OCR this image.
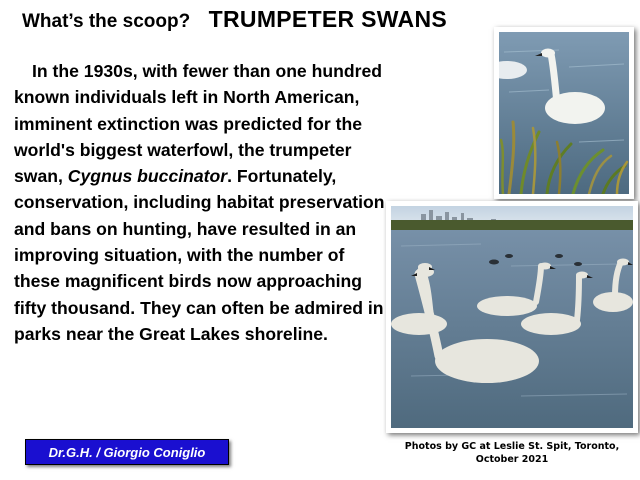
What’s the scoop? TRUMPETER SWANS

In the 1930s, with fewer than one hundred known individuals left in North American, imminent extinction was predicted for the world's biggest waterfowl, the trumpeter swan, Cygnus buccinator. Fortunately, conservation, including habitat preservation and bans on hunting, have resulted in an improving situation, with the number of these magnificent birds now approaching fifty thousand. They can often be admired in parks near the Great Lakes shoreline.

Dr.G.H. / Giorgio Coniglio	Photos by GC at Leslie St. Spit, Toronto,
October 2021
